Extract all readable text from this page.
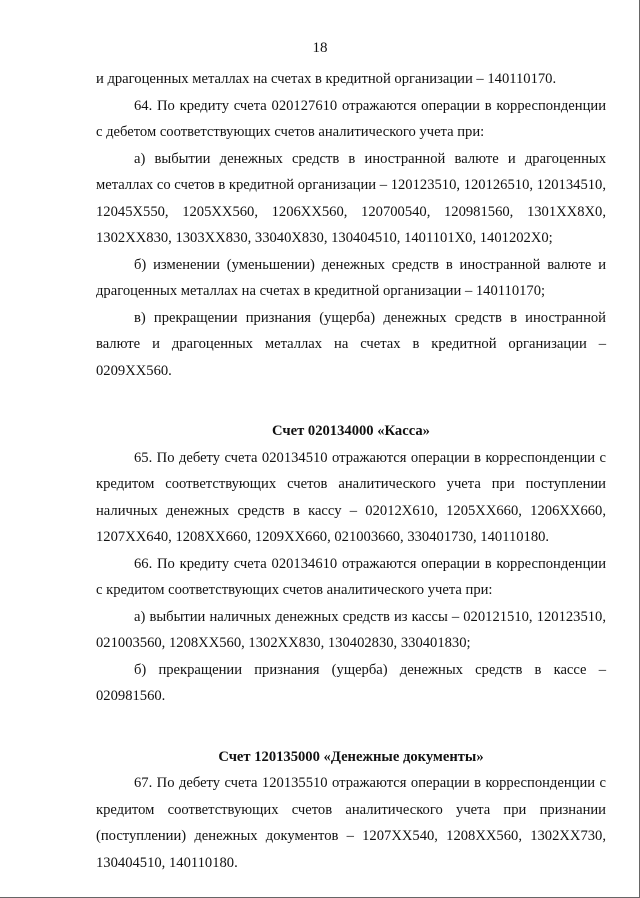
18

и драгоценных металлах на счетах в кредитной организации – 140110170.

64. По кредиту счета 020127610 отражаются операции в корреспонденции с дебетом соответствующих счетов аналитического учета при:

а) выбытии денежных средств в иностранной валюте и драгоценных металлах со счетов в кредитной организации – 120123510, 120126510, 120134510, 12045Х550, 1205ХХ560, 1206ХХ560, 120700540, 120981560, 1301ХХ8Х0, 1302ХХ830, 1303ХХ830, 33040Х830, 130404510, 1401101Х0, 1401202Х0;

б) изменении (уменьшении) денежных средств в иностранной валюте и драгоценных металлах на счетах в кредитной организации – 140110170;

в) прекращении признания (ущерба) денежных средств в иностранной валюте и драгоценных металлах на счетах в кредитной организации – 0209ХХ560.

Счет 020134000 «Касса»

65. По дебету счета 020134510 отражаются операции в корреспонденции с кредитом соответствующих счетов аналитического учета при поступлении наличных денежных средств в кассу – 02012Х610, 1205ХХ660, 1206ХХ660, 1207ХХ640, 1208ХХ660, 1209ХХ660, 021003660, 330401730, 140110180.

66. По кредиту счета 020134610 отражаются операции в корреспонденции с кредитом соответствующих счетов аналитического учета при:

а) выбытии наличных денежных средств из кассы – 020121510, 120123510, 021003560, 1208ХХ560, 1302ХХ830, 130402830, 330401830;

б) прекращении признания (ущерба) денежных средств в кассе – 020981560.

Счет 120135000 «Денежные документы»

67. По дебету счета 120135510 отражаются операции в корреспонденции с кредитом соответствующих счетов аналитического учета при признании (поступлении) денежных документов – 1207ХХ540, 1208ХХ560, 1302ХХ730, 130404510, 140110180.
